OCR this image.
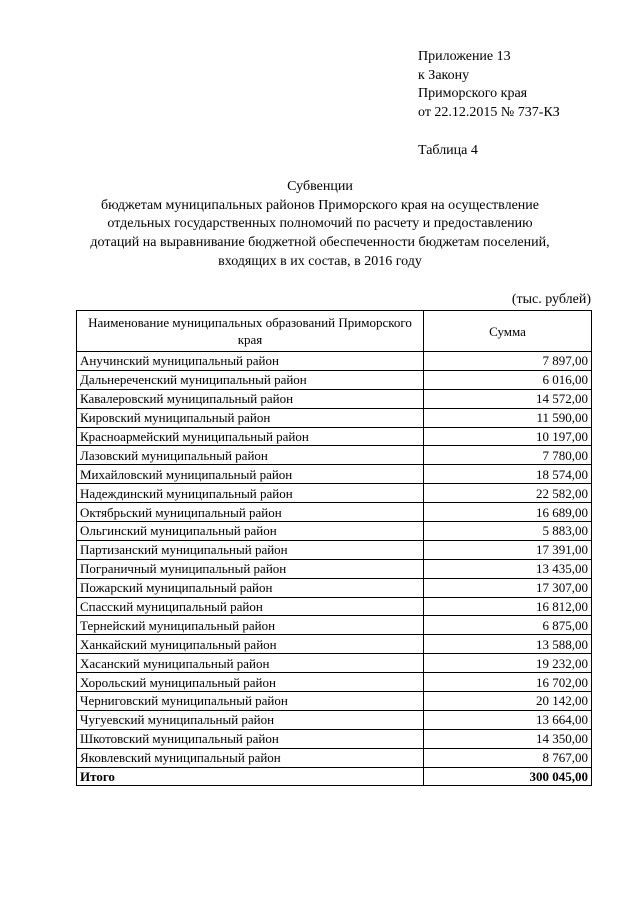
Приложение 13
к Закону
Приморского края
от 22.12.2015 № 737-КЗ
Таблица 4
Субвенции
бюджетам муниципальных районов Приморского края на осуществление
отдельных государственных полномочий по расчету и предоставлению
дотаций на выравнивание бюджетной обеспеченности бюджетам поселений,
входящих в их состав, в 2016 году
(тыс. рублей)
Наименование муниципальных образований Приморского края	Сумма
Анучинский муниципальный район	7 897,00
Дальнереченский муниципальный район	6 016,00
Кавалеровский муниципальный район	14 572,00
Кировский муниципальный район	11 590,00
Красноармейский муниципальный район	10 197,00
Лазовский муниципальный район	7 780,00
Михайловский муниципальный район	18 574,00
Надеждинский муниципальный район	22 582,00
Октябрьский муниципальный район	16 689,00
Ольгинский муниципальный район	5 883,00
Партизанский муниципальный район	17 391,00
Пограничный муниципальный район	13 435,00
Пожарский муниципальный район	17 307,00
Спасский муниципальный район	16 812,00
Тернейский муниципальный район	6 875,00
Ханкайский муниципальный район	13 588,00
Хасанский муниципальный район	19 232,00
Хорольский муниципальный район	16 702,00
Черниговский муниципальный район	20 142,00
Чугуевский муниципальный район	13 664,00
Шкотовский муниципальный район	14 350,00
Яковлевский муниципальный район	8 767,00
Итого	300 045,00
